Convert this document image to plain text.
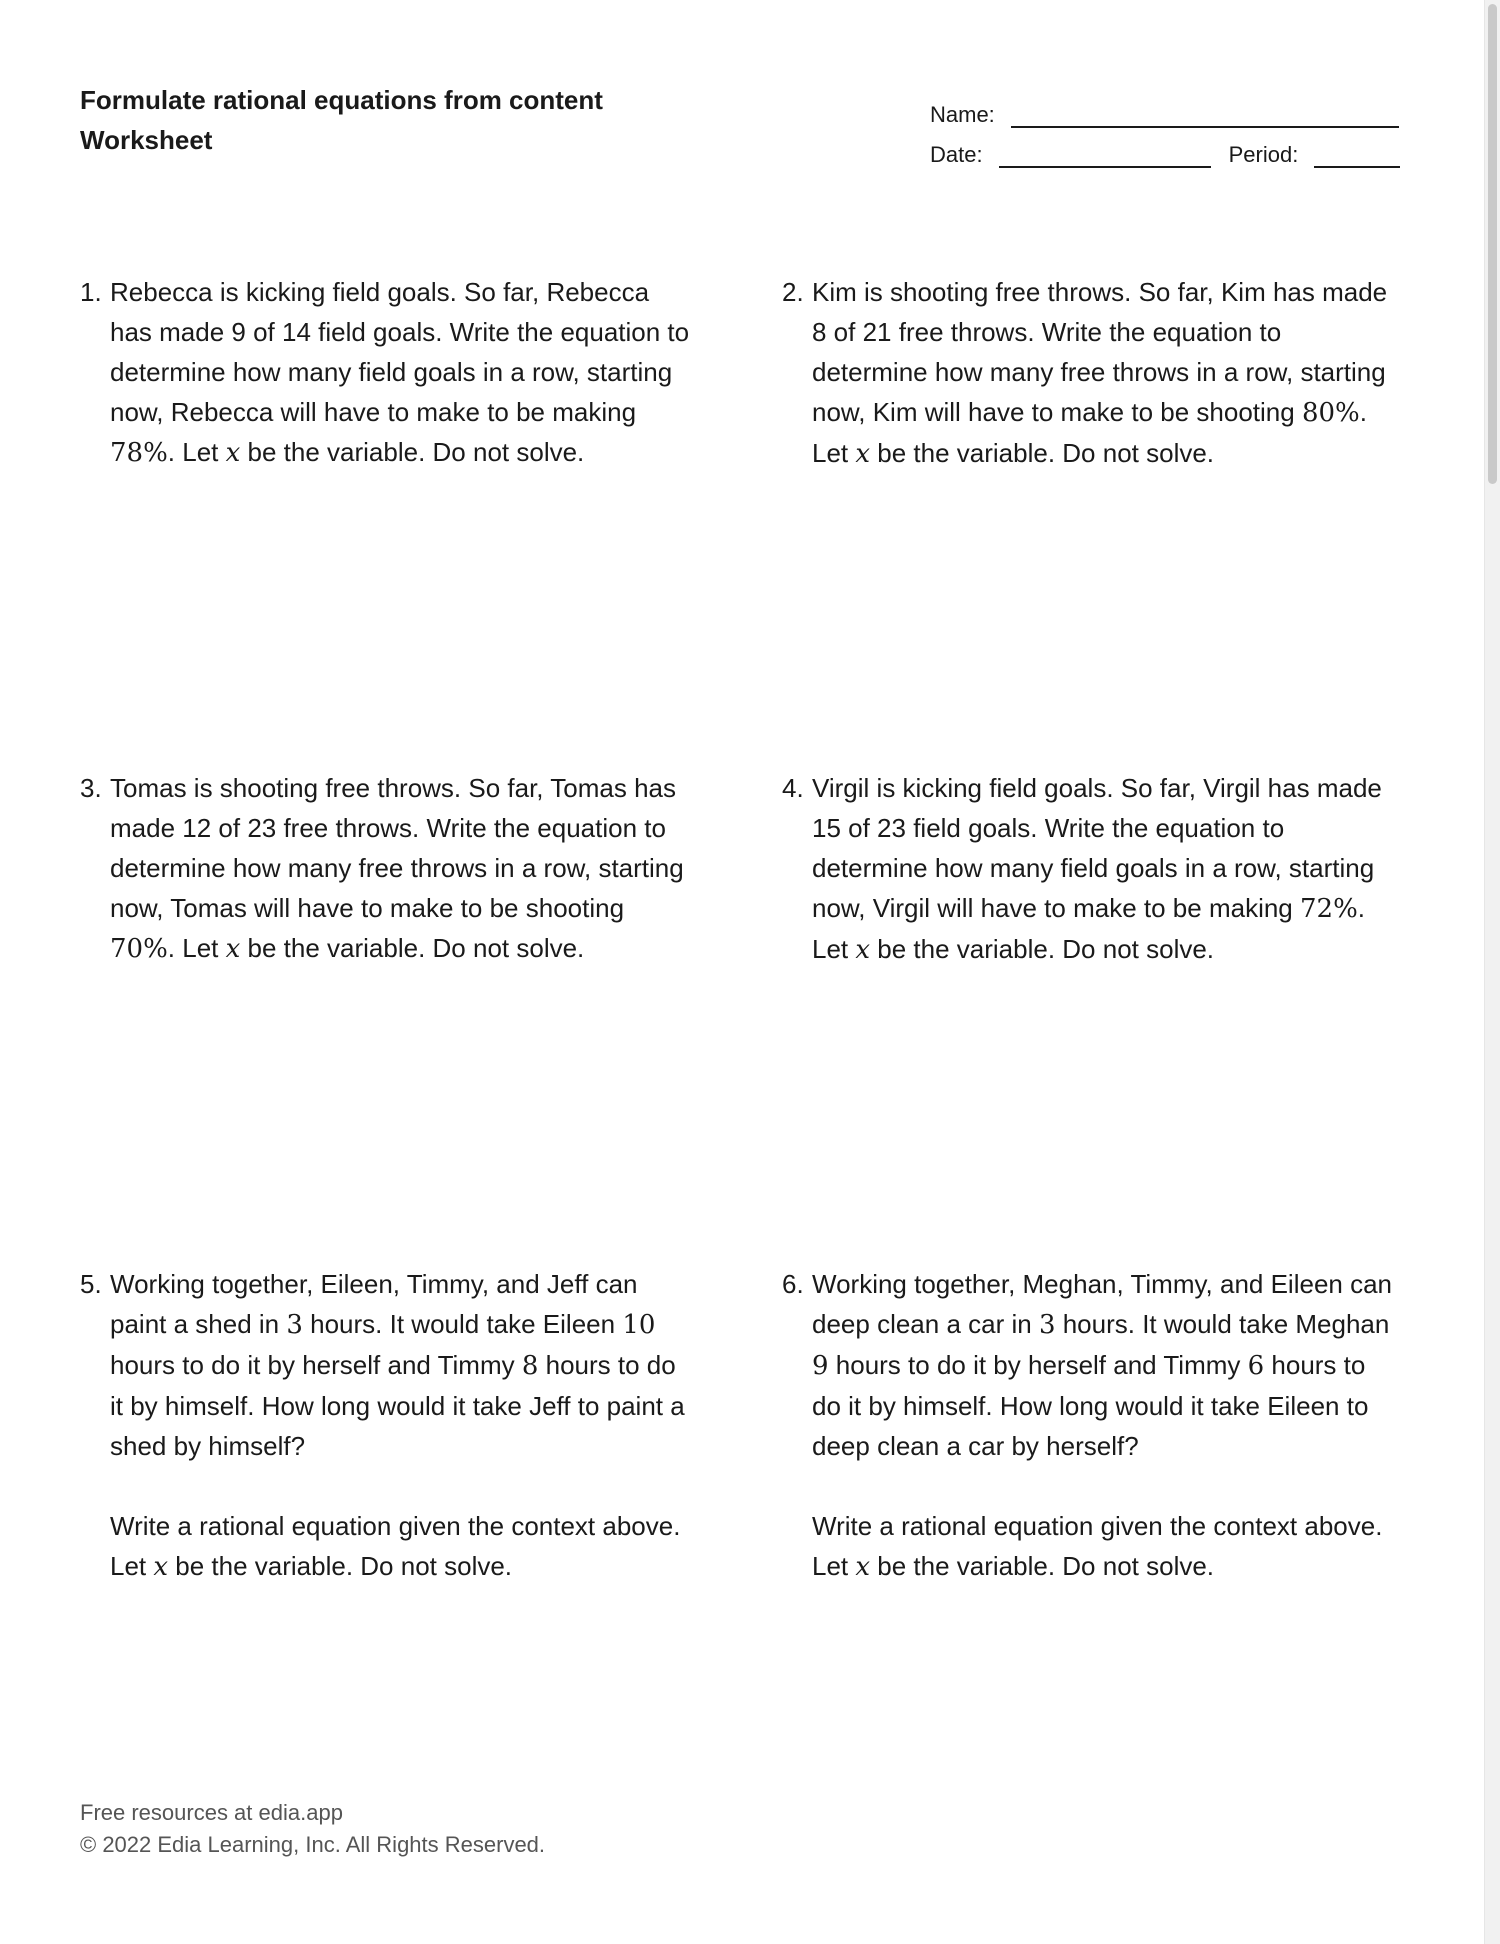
Formulate rational equations from content
Worksheet
Name:
Date:	Period:
1. Rebecca is kicking field goals. So far, Rebecca has made 9 of 14 field goals. Write the equation to determine how many field goals in a row, starting now, Rebecca will have to make to be making 78%. Let x be the variable. Do not solve.

2. Kim is shooting free throws. So far, Kim has made 8 of 21 free throws. Write the equation to determine how many free throws in a row, starting now, Kim will have to make to be shooting 80%. Let x be the variable. Do not solve.

3. Tomas is shooting free throws. So far, Tomas has made 12 of 23 free throws. Write the equation to determine how many free throws in a row, starting now, Tomas will have to make to be shooting 70%. Let x be the variable. Do not solve.

4. Virgil is kicking field goals. So far, Virgil has made 15 of 23 field goals. Write the equation to determine how many field goals in a row, starting now, Virgil will have to make to be making 72%. Let x be the variable. Do not solve.

5. Working together, Eileen, Timmy, and Jeff can paint a shed in 3 hours. It would take Eileen 10 hours to do it by herself and Timmy 8 hours to do it by himself. How long would it take Jeff to paint a shed by himself?

Write a rational equation given the context above. Let x be the variable. Do not solve.

6. Working together, Meghan, Timmy, and Eileen can deep clean a car in 3 hours. It would take Meghan 9 hours to do it by herself and Timmy 6 hours to do it by himself. How long would it take Eileen to deep clean a car by herself?

Write a rational equation given the context above. Let x be the variable. Do not solve.

Free resources at edia.app
© 2022 Edia Learning, Inc. All Rights Reserved.
